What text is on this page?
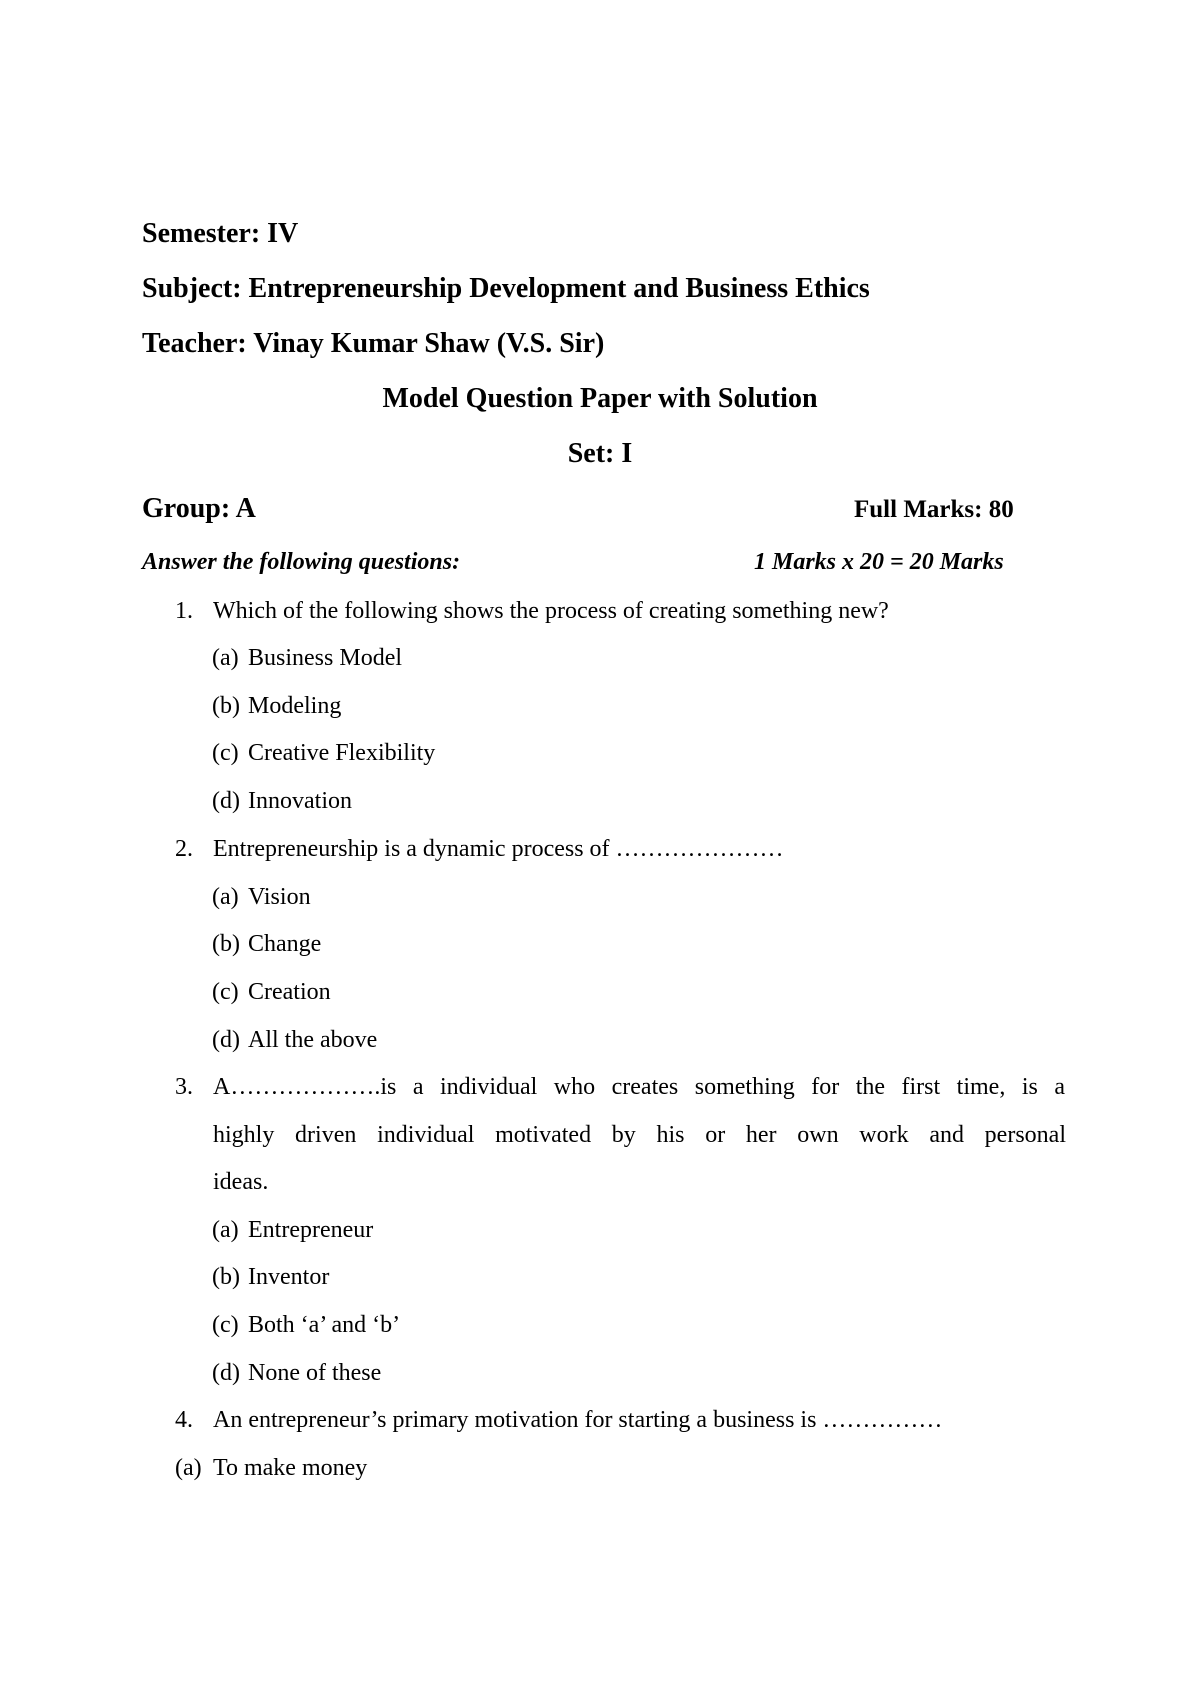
Semester: IV
Subject: Entrepreneurship Development and Business Ethics
Teacher: Vinay Kumar Shaw (V.S. Sir)
Model Question Paper with Solution
Set: I
Group: A	Full Marks: 80
Answer the following questions:	1 Marks x 20 = 20 Marks
1. Which of the following shows the process of creating something new?
(a) Business Model
(b) Modeling
(c) Creative Flexibility
(d) Innovation
2. Entrepreneurship is a dynamic process of …………………
(a) Vision
(b) Change
(c) Creation
(d) All the above
3. A……………….is a individual who creates something for the first time, is a
highly driven individual motivated by his or her own work and personal
ideas.
(a) Entrepreneur
(b) Inventor
(c) Both ‘a’ and ‘b’
(d) None of these
4. An entrepreneur’s primary motivation for starting a business is ……………
(a) To make money
